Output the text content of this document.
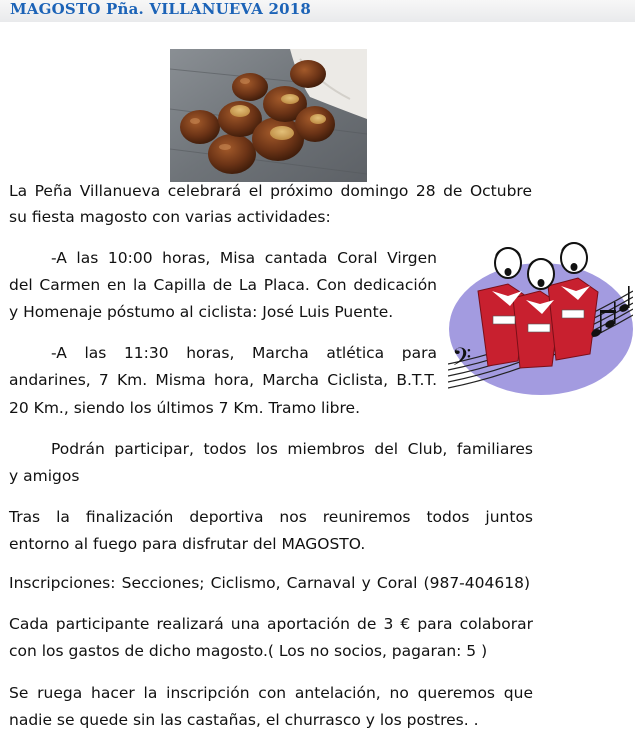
MAGOSTO Pña. VILLANUEVA 2018
𝄢
La Peña Villanueva celebrará el próximo domingo 28 de Octubre
su fiesta magosto con varias actividades:
-A las 10:00 horas, Misa cantada Coral Virgen
del Carmen en la Capilla de La Placa. Con dedicación
y Homenaje póstumo al ciclista: José Luis Puente.
-A las 11:30 horas, Marcha atlética para
andarines, 7 Km. Misma hora, Marcha Ciclista, B.T.T.
20 Km., siendo los últimos 7 Km. Tramo libre.
Podrán participar, todos los miembros del Club, familiares
y amigos
Tras la finalización deportiva nos reuniremos todos juntos
entorno al fuego para disfrutar del MAGOSTO.
Inscripciones: Secciones; Ciclismo, Carnaval y Coral (987-404618)
Cada participante realizará una aportación de 3 € para colaborar
con los gastos de dicho magosto.( Los no socios, pagaran: 5 )
Se ruega hacer la inscripción con antelación, no queremos que
nadie se quede sin las castañas, el churrasco y los postres. .
